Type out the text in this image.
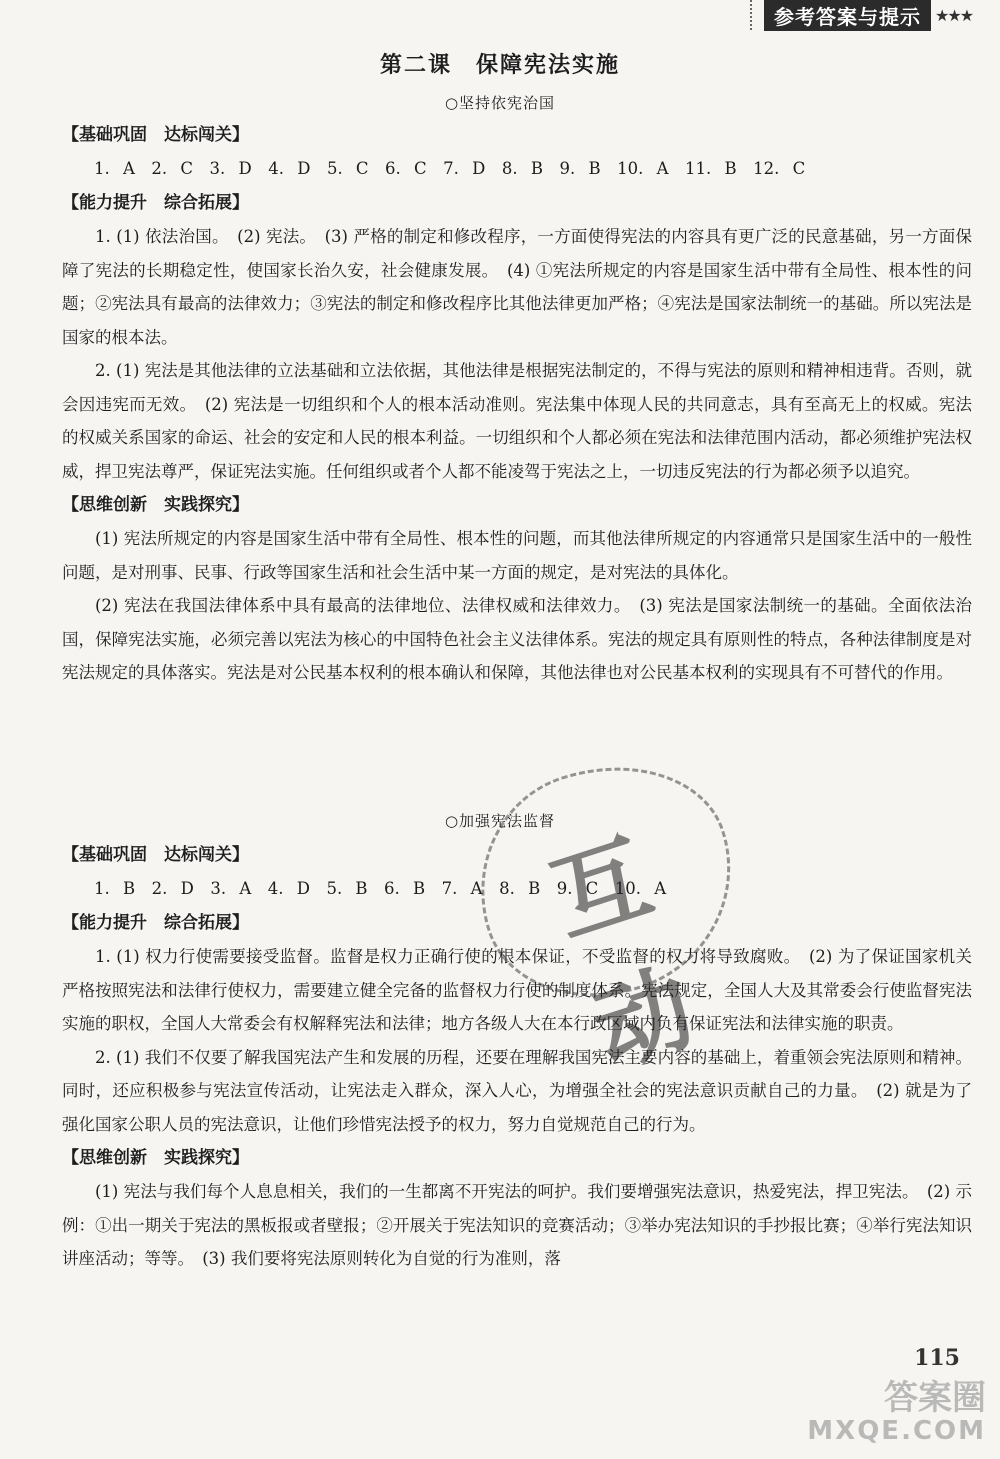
参考答案与提示 ★★★
第二课　保障宪法实施
○坚持依宪治国
【基础巩固　达标闯关】
1. A　2. C　3. D　4. D　5. C　6. C　7. D　8. B　9. B　10. A　11. B　12. C
【能力提升　综合拓展】

1. (1) 依法治国。　(2) 宪法。　(3) 严格的制定和修改程序，一方面使得宪法的内容具有更广泛的民意基础，另一方面保障了宪法的长期稳定性，使国家长治久安，社会健康发展。　(4) ①宪法所规定的内容是国家生活中带有全局性、根本性的问题；②宪法具有最高的法律效力；③宪法的制定和修改程序比其他法律更加严格；④宪法是国家法制统一的基础。所以宪法是国家的根本法。

2. (1) 宪法是其他法律的立法基础和立法依据，其他法律是根据宪法制定的，不得与宪法的原则和精神相违背。否则，就会因违宪而无效。　(2) 宪法是一切组织和个人的根本活动准则。宪法集中体现人民的共同意志，具有至高无上的权威。宪法的权威关系国家的命运、社会的安定和人民的根本利益。一切组织和个人都必须在宪法和法律范围内活动，都必须维护宪法权威，捍卫宪法尊严，保证宪法实施。任何组织或者个人都不能凌驾于宪法之上，一切违反宪法的行为都必须予以追究。

【思维创新　实践探究】

(1) 宪法所规定的内容是国家生活中带有全局性、根本性的问题，而其他法律所规定的内容通常只是国家生活中的一般性问题，是对刑事、民事、行政等国家生活和社会生活中某一方面的规定，是对宪法的具体化。

(2) 宪法在我国法律体系中具有最高的法律地位、法律权威和法律效力。　(3) 宪法是国家法制统一的基础。全面依法治国，保障宪法实施，必须完善以宪法为核心的中国特色社会主义法律体系。宪法的规定具有原则性的特点，各种法律制度是对宪法规定的具体落实。宪法是对公民基本权利的根本确认和保障，其他法律也对公民基本权利的实现具有不可替代的作用。

○加强宪法监督
【基础巩固　达标闯关】
1. B　2. D　3. A　4. D　5. B　6. B　7. A　8. B　9. C　10. A
【能力提升　综合拓展】

1. (1) 权力行使需要接受监督。监督是权力正确行使的根本保证，不受监督的权力将导致腐败。　(2) 为了保证国家机关严格按照宪法和法律行使权力，需要建立健全完备的监督权力行使的制度体系。宪法规定，全国人大及其常委会行使监督宪法实施的职权，全国人大常委会有权解释宪法和法律；地方各级人大在本行政区域内负有保证宪法和法律实施的职责。

2. (1) 我们不仅要了解我国宪法产生和发展的历程，还要在理解我国宪法主要内容的基础上，着重领会宪法原则和精神。同时，还应积极参与宪法宣传活动，让宪法走入群众，深入人心，为增强全社会的宪法意识贡献自己的力量。　(2) 就是为了强化国家公职人员的宪法意识，让他们珍惜宪法授予的权力，努力自觉规范自己的行为。

【思维创新　实践探究】

(1) 宪法与我们每个人息息相关，我们的一生都离不开宪法的呵护。我们要增强宪法意识，热爱宪法，捍卫宪法。　(2) 示例：①出一期关于宪法的黑板报或者壁报；②开展关于宪法知识的竞赛活动；③举办宪法知识的手抄报比赛；④举行宪法知识讲座活动；等等。　(3) 我们要将宪法原则转化为自觉的行为准则，落

互动
115
答案圈
MXQE.COM
